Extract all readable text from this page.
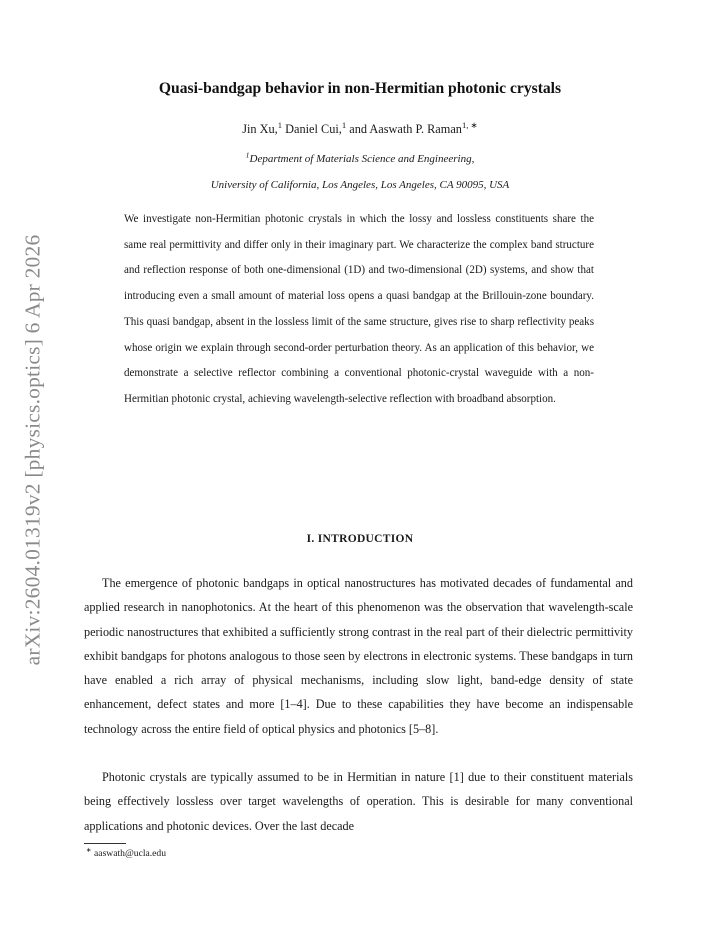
arXiv:2604.01319v2 [physics.optics] 6 Apr 2026
Quasi-bandgap behavior in non-Hermitian photonic crystals
Jin Xu,$^1$ Daniel Cui,$^1$ and Aaswath P. Raman$^{1, ∗}$
$^1$Department of Materials Science and Engineering,
University of California, Los Angeles, Los Angeles, CA 90095, USA

We investigate non-Hermitian photonic crystals in which the lossy and lossless constituents share the same real permittivity and differ only in their imaginary part. We characterize the complex band structure and reflection response of both one-dimensional (1D) and two-dimensional (2D) systems, and show that introducing even a small amount of material loss opens a quasi bandgap at the Brillouin-zone boundary. This quasi bandgap, absent in the lossless limit of the same structure, gives rise to sharp reflectivity peaks whose origin we explain through second-order perturbation theory. As an application of this behavior, we demonstrate a selective reflector combining a conventional photonic-crystal waveguide with a non-Hermitian photonic crystal, achieving wavelength-selective reflection with broadband absorption.

I. INTRODUCTION

The emergence of photonic bandgaps in optical nanostructures has motivated decades of fundamental and applied research in nanophotonics. At the heart of this phenomenon was the observation that wavelength-scale periodic nanostructures that exhibited a sufficiently strong contrast in the real part of their dielectric permittivity exhibit bandgaps for photons analogous to those seen by electrons in electronic systems. These bandgaps in turn have enabled a rich array of physical mechanisms, including slow light, band-edge density of state enhancement, defect states and more [1–4]. Due to these capabilities they have become an indispensable technology across the entire field of optical physics and photonics [5–8].

Photonic crystals are typically assumed to be in Hermitian in nature [1] due to their constituent materials being effectively lossless over target wavelengths of operation. This is desirable for many conventional applications and photonic devices. Over the last decade

∗ aaswath@ucla.edu
